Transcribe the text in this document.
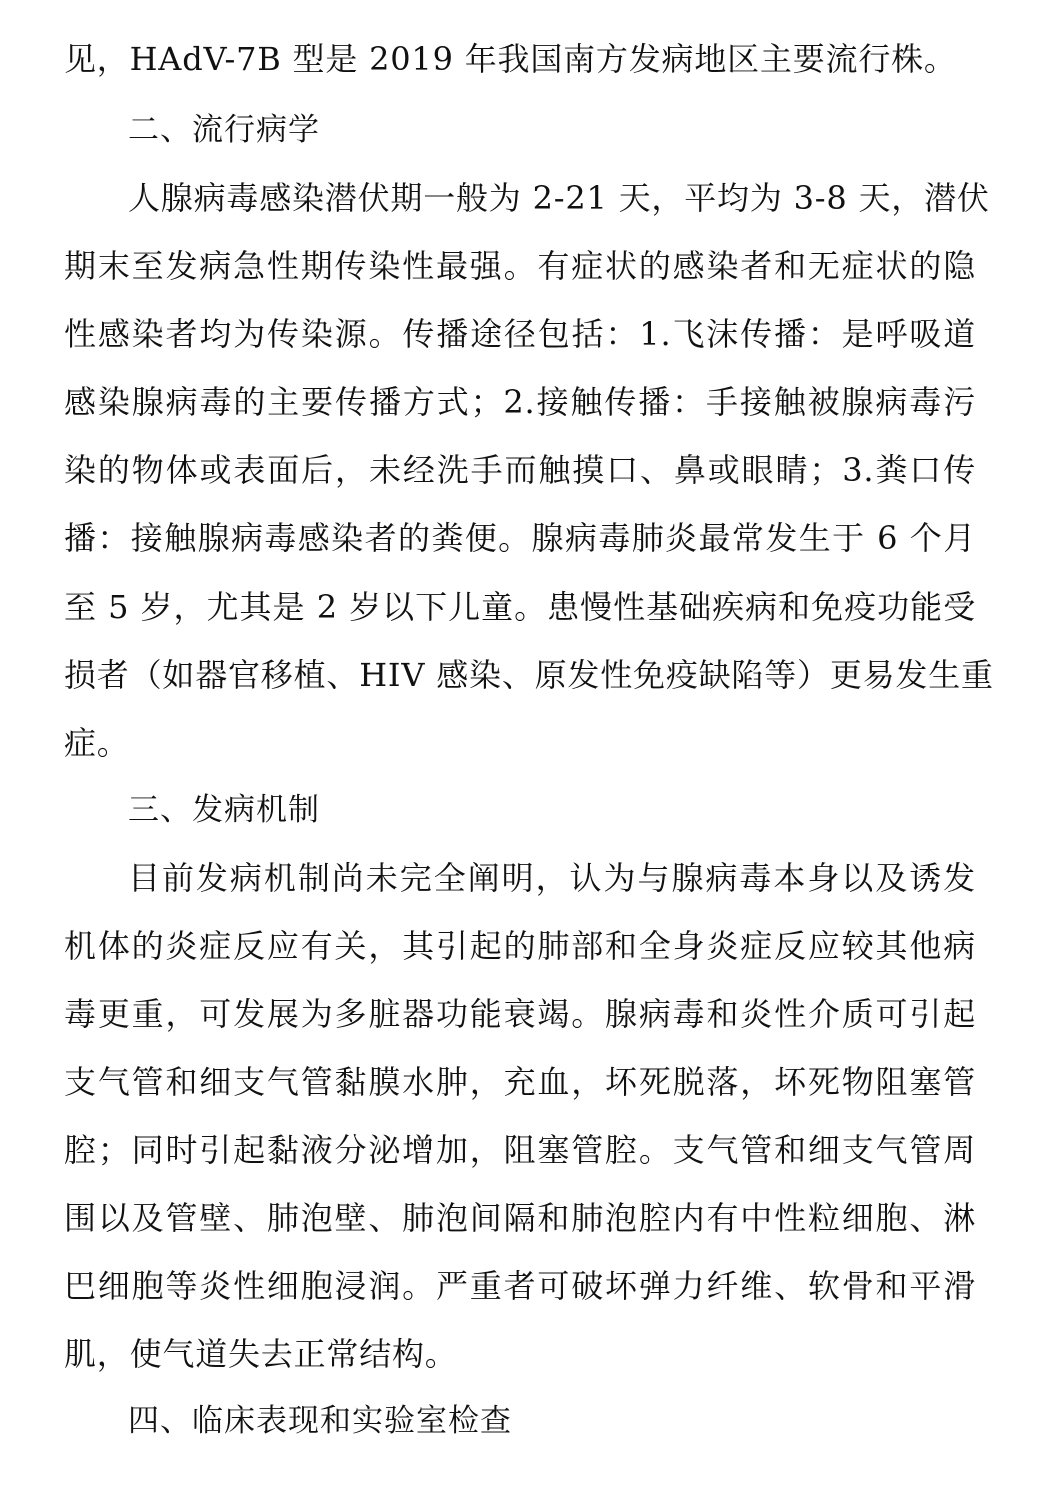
见，HAdV-7B 型是 2019 年我国南方发病地区主要流行株。
二、流行病学
人腺病毒感染潜伏期一般为 2-21 天，平均为 3-8 天，潜伏
期末至发病急性期传染性最强。有症状的感染者和无症状的隐
性感染者均为传染源。传播途径包括：1.飞沫传播：是呼吸道
感染腺病毒的主要传播方式；2.接触传播：手接触被腺病毒污
染的物体或表面后，未经洗手而触摸口、鼻或眼睛；3.粪口传
播：接触腺病毒感染者的粪便。腺病毒肺炎最常发生于 6 个月
至 5 岁，尤其是 2 岁以下儿童。患慢性基础疾病和免疫功能受
损者（如器官移植、HIV 感染、原发性免疫缺陷等）更易发生重
症。
三、发病机制
目前发病机制尚未完全阐明，认为与腺病毒本身以及诱发
机体的炎症反应有关，其引起的肺部和全身炎症反应较其他病
毒更重，可发展为多脏器功能衰竭。腺病毒和炎性介质可引起
支气管和细支气管黏膜水肿，充血，坏死脱落，坏死物阻塞管
腔；同时引起黏液分泌增加，阻塞管腔。支气管和细支气管周
围以及管壁、肺泡壁、肺泡间隔和肺泡腔内有中性粒细胞、淋
巴细胞等炎性细胞浸润。严重者可破坏弹力纤维、软骨和平滑
肌，使气道失去正常结构。
四、临床表现和实验室检查
